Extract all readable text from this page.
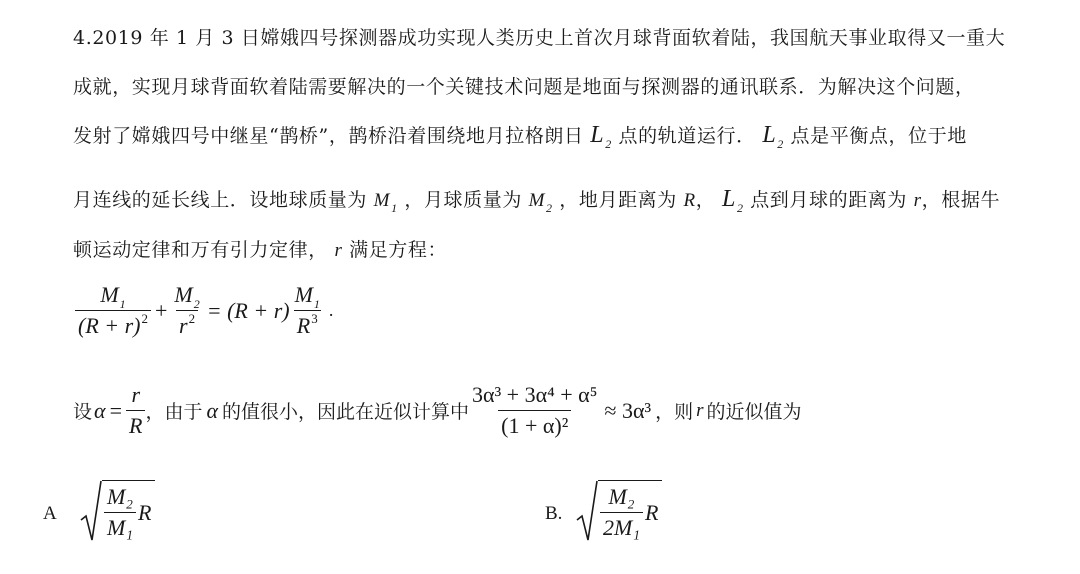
4.2019 年 1 月 3 日嫦娥四号探测器成功实现人类历史上首次月球背面软着陆，我国航天事业取得又一重大
成就，实现月球背面软着陆需要解决的一个关键技术问题是地面与探测器的通讯联系．为解决这个问题，
发射了嫦娥四号中继星“鹊桥”，鹊桥沿着围绕地月拉格朗日 $L_2$ 点的轨道运行． $L_2$ 点是平衡点，位于地
月连线的延长线上．设地球质量为 $M_1$ ，月球质量为 $M_2$ ，地月距离为 R， $L_2$ 点到月球的距离为 r，根据牛
顿运动定律和万有引力定律， r 满足方程：
$\frac{M_1}{(R + r)^2} + \frac{M_2}{r^2} = (R + r) \frac{M_1}{R^3}$ .
设 $\alpha = \frac{r}{R}$ ，由于 α 的值很小，因此在近似计算中 $\frac{\text{3α³ + 3α⁴ + α⁵}}{\text{(1 + α)²}} \approx 3\alpha^3$ ，则 r 的近似值为
A $\frac{\text{M₂}}{\text{M₁}}$ R	B. $\frac{\text{M₂}}{\text{2M₁}}$ R
